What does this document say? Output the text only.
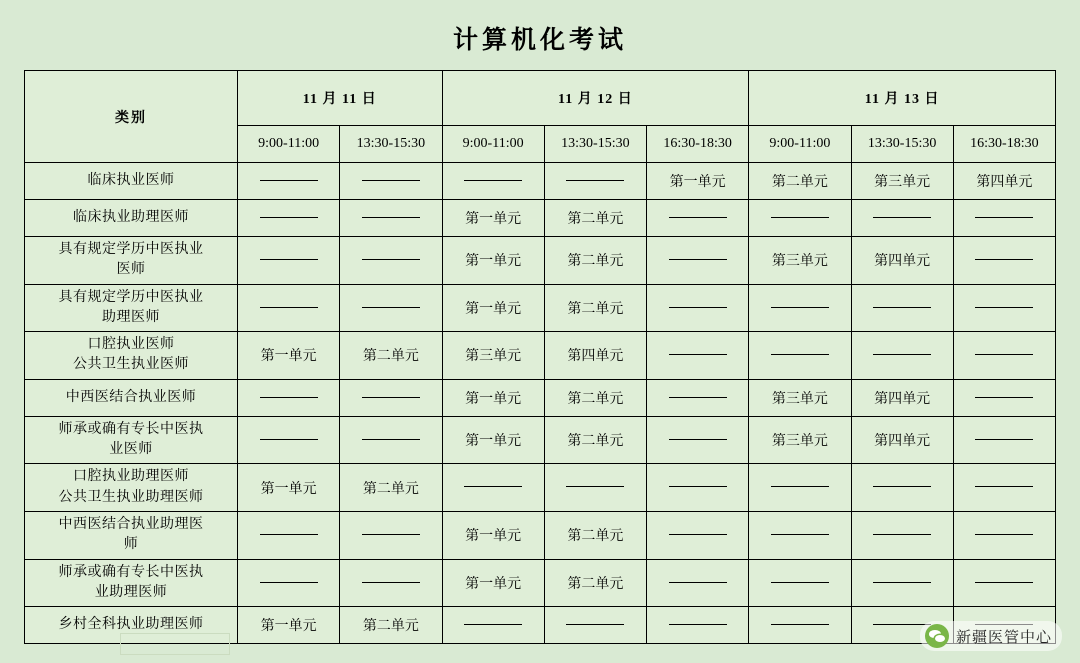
计算机化考试
类别	11 月 11 日		11 月 12 日			11 月 13 日		
	9:00-11:00	13:30-15:30	9:00-11:00	13:30-15:30	16:30-18:30	9:00-11:00	13:30-15:30	16:30-18:30
临床执业医师					第一单元	第二单元	第三单元	第四单元
临床执业助理医师			第一单元	第二单元				
具有规定学历中医执业
医师			第一单元	第二单元		第三单元	第四单元	
具有规定学历中医执业
助理医师			第一单元	第二单元				
口腔执业医师
公共卫生执业医师	第一单元	第二单元	第三单元	第四单元				
中西医结合执业医师			第一单元	第二单元		第三单元	第四单元	
师承或确有专长中医执
业医师			第一单元	第二单元		第三单元	第四单元	
口腔执业助理医师
公共卫生执业助理医师	第一单元	第二单元						
中西医结合执业助理医
师			第一单元	第二单元				
师承或确有专长中医执
业助理医师			第一单元	第二单元				
乡村全科执业助理医师	第一单元	第二单元						
新疆医管中心
